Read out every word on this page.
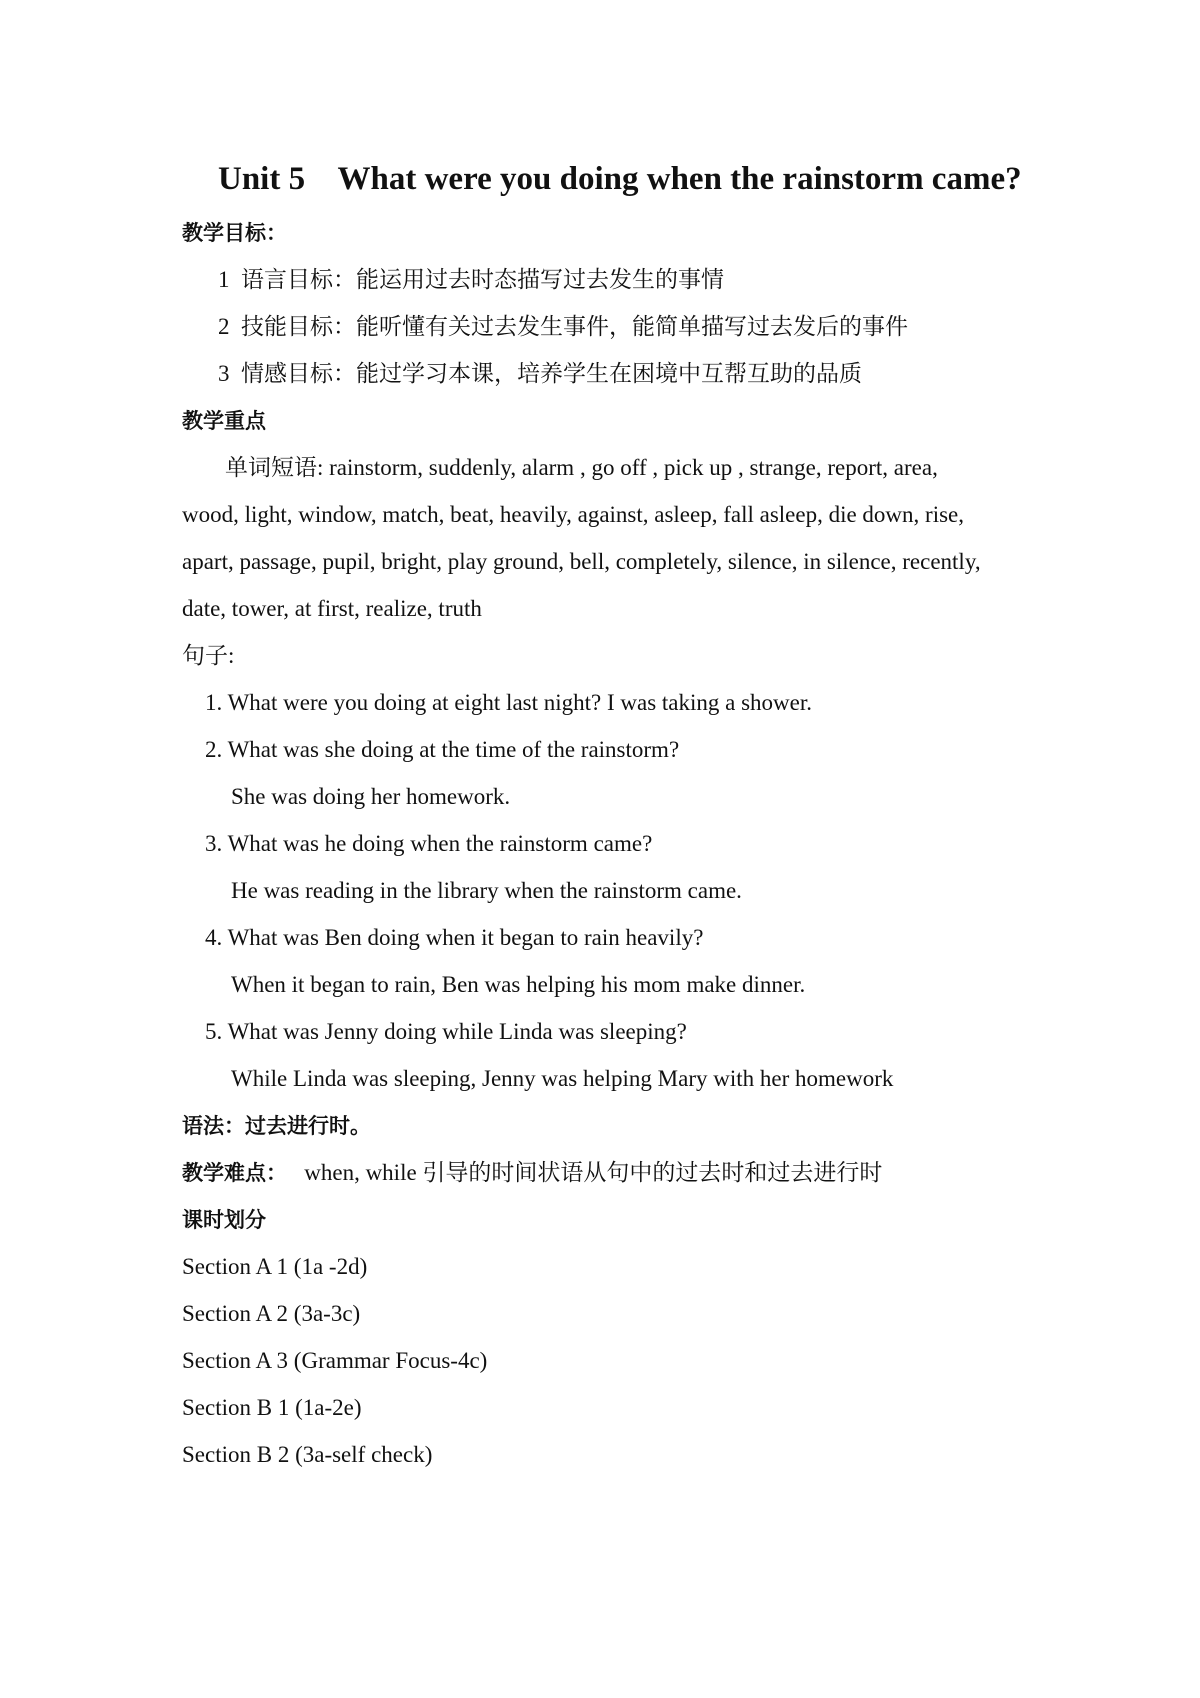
Unit 5    What were you doing when the rainstorm came?
教学目标：
1  语言目标：能运用过去时态描写过去发生的事情
2  技能目标：能听懂有关过去发生事件，能简单描写过去发后的事件
3  情感目标：能过学习本课，培养学生在困境中互帮互助的品质
教学重点
单词短语: rainstorm, suddenly, alarm , go off , pick up , strange, report, area,
wood, light, window, match, beat, heavily, against, asleep, fall asleep, die down, rise,
apart, passage, pupil, bright, play ground, bell, completely, silence, in silence, recently,
date, tower, at first, realize, truth
句子:
1. What were you doing at eight last night? I was taking a shower.
2. What was she doing at the time of the rainstorm?
She was doing her homework.
3. What was he doing when the rainstorm came?
He was reading in the library when the rainstorm came.
4. What was Ben doing when it began to rain heavily?
When it began to rain, Ben was helping his mom make dinner.
5. What was Jenny doing while Linda was sleeping?
While Linda was sleeping, Jenny was helping Mary with her homework
语法：过去进行时。
教学难点：   when, while 引导的时间状语从句中的过去时和过去进行时
课时划分
Section A 1 (1a -2d)
Section A 2 (3a-3c)
Section A 3 (Grammar Focus-4c)
Section B 1 (1a-2e)
Section B 2 (3a-self check)
